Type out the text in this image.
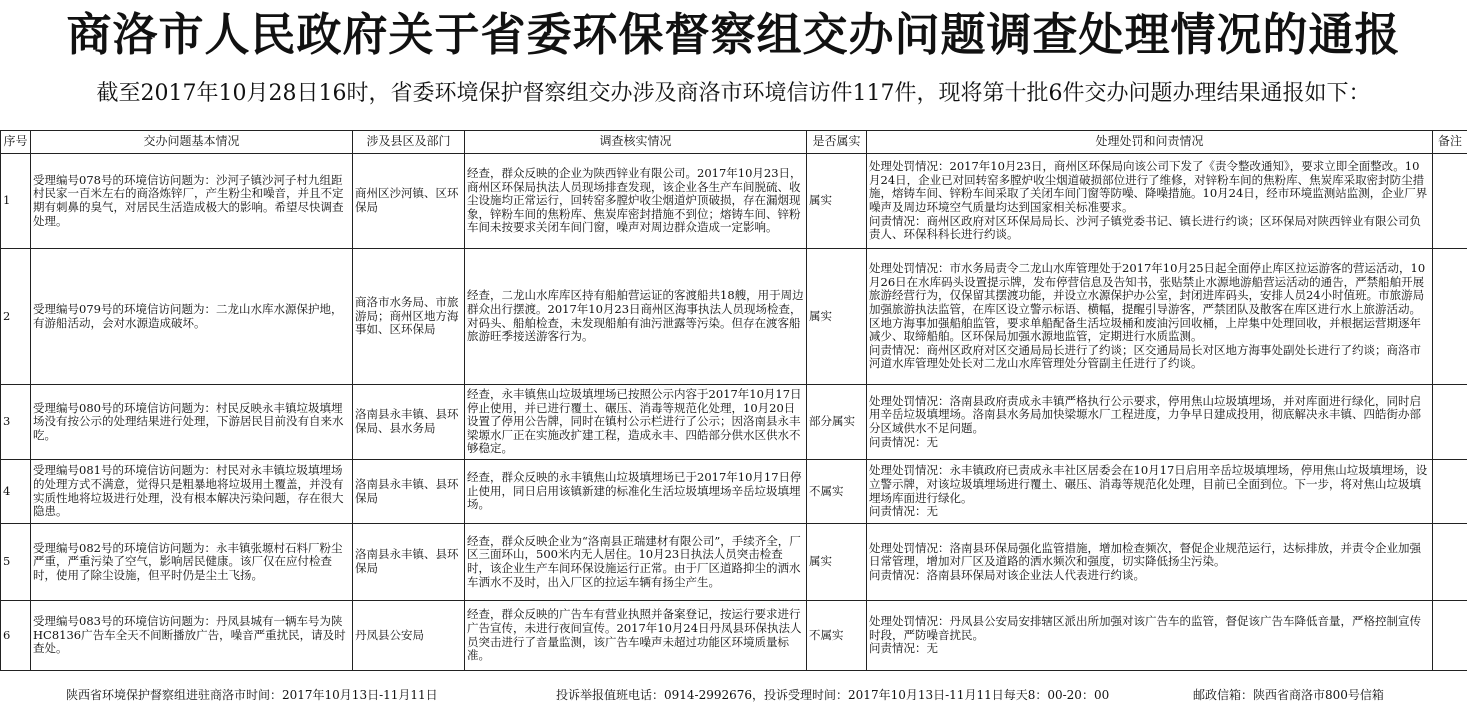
商洛市人民政府关于省委环保督察组交办问题调查处理情况的通报
截至2017年10月28日16时，省委环境保护督察组交办涉及商洛市环境信访件117件，现将第十批6件交办问题办理结果通报如下：
序号	交办问题基本情况	涉及县区及部门	调查核实情况	是否属实	处理处罚和问责情况	备注
1	受理编号078号的环境信访问题为：沙河子镇沙河子村九组距村民家一百米左右的商洛炼锌厂，产生粉尘和噪音，并且不定期有刺鼻的臭气，对居民生活造成极大的影响。希望尽快调查处理。	商州区沙河镇、区环保局	经查，群众反映的企业为陕西锌业有限公司。2017年10月23日，商州区环保局执法人员现场排查发现，该企业各生产车间脱硫、收尘设施均正常运行，回转窑多膛炉收尘烟道炉顶破损，存在漏烟现象，锌粉车间的焦粉库、焦炭库密封措施不到位；熔铸车间、锌粉车间未按要求关闭车间门窗，噪声对周边群众造成一定影响。	属实	处理处罚情况：2017年10月23日，商州区环保局向该公司下发了《责令整改通知》，要求立即全面整改。10月24日，企业已对回转窑多膛炉收尘烟道破损部位进行了维修，对锌粉车间的焦粉库、焦炭库采取密封防尘措施，熔铸车间、锌粉车间采取了关闭车间门窗等防噪、降噪措施。10月24日，经市环境监测站监测，企业厂界噪声及周边环境空气质量均达到国家相关标准要求。
问责情况：商州区政府对区环保局局长、沙河子镇党委书记、镇长进行约谈；区环保局对陕西锌业有限公司负责人、环保科科长进行约谈。	
2	受理编号079号的环境信访问题为：二龙山水库水源保护地，有游船活动，会对水源造成破坏。	商洛市水务局、市旅游局；商州区地方海事如、区环保局	经查，二龙山水库库区持有船舶营运证的客渡船共18艘，用于周边群众出行摆渡。2017年10月23日商州区海事执法人员现场检查，对码头、船舶检查，未发现船舶有油污泄露等污染。但存在渡客船旅游旺季接送游客行为。	属实	处理处罚情况：市水务局责令二龙山水库管理处于2017年10月25日起全面停止库区拉运游客的营运活动，10月26日在水库码头设置提示牌，发布停营信息及告知书，张贴禁止水源地游船营运活动的通告，严禁船舶开展旅游经营行为，仅保留其摆渡功能，并设立水源保护办公室，封闭进库码头，安排人员24小时值班。市旅游局加强旅游执法监管，在库区设立警示标语、横幅，提醒引导游客，严禁团队及散客在库区进行水上旅游活动。区地方海事加强船舶监管，要求单船配备生活垃圾桶和废油污回收桶，上岸集中处理回收，并根据运营期逐年减少、取缔船舶。区环保局加强水源地监管，定期进行水质监测。
问责情况：商州区政府对区交通局局长进行了约谈；区交通局局长对区地方海事处副处长进行了约谈；商洛市河道水库管理处处长对二龙山水库管理处分管副主任进行了约谈。	
3	受理编号080号的环境信访问题为：村民反映永丰镇垃圾填埋场没有按公示的处理结果进行处理，下游居民目前没有自来水吃。	洛南县永丰镇、县环保局、县水务局	经查，永丰镇焦山垃圾填埋场已按照公示内容于2017年10月17日停止使用，并已进行覆土、碾压、消毒等规范化处理，10月20日设置了停用公告牌，同时在镇村公示栏进行了公示；因洛南县永丰梁塬水厂正在实施改扩建工程，造成永丰、四皓部分供水区供水不够稳定。	部分属实	处理处罚情况：洛南县政府责成永丰镇严格执行公示要求，停用焦山垃圾填埋场，并对库面进行绿化，同时启用辛岳垃圾填埋场。洛南县水务局加快梁塬水厂工程进度，力争早日建成投用，彻底解决永丰镇、四皓街办部分区域供水不足问题。
问责情况：无	
4	受理编号081号的环境信访问题为：村民对永丰镇垃圾填埋场的处理方式不满意，觉得只是粗暴地将垃圾用土覆盖，并没有实质性地将垃圾进行处理，没有根本解决污染问题，存在很大隐患。	洛南县永丰镇、县环保局	经查，群众反映的永丰镇焦山垃圾填埋场已于2017年10月17日停止使用，同日启用该镇新建的标准化生活垃圾填埋场辛岳垃圾填埋场。	不属实	处理处罚情况：永丰镇政府已责成永丰社区居委会在10月17日启用辛岳垃圾填埋场，停用焦山垃圾填埋场，设立警示牌，对该垃圾填埋场进行覆土、碾压、消毒等规范化处理，目前已全面到位。下一步，将对焦山垃圾填埋场库面进行绿化。
问责情况：无	
5	受理编号082号的环境信访问题为：永丰镇张塬村石料厂粉尘严重，严重污染了空气，影响居民健康。该厂仅在应付检查时，使用了除尘设施，但平时仍是尘土飞扬。	洛南县永丰镇、县环保局	经查，群众反映企业为“洛南县正瑞建材有限公司”，手续齐全，厂区三面环山，500米内无人居住。10月23日执法人员突击检查时，该企业生产车间环保设施运行正常。由于厂区道路抑尘的洒水车洒水不及时，出入厂区的拉运车辆有扬尘产生。	属实	处理处罚情况：洛南县环保局强化监管措施，增加检查频次，督促企业规范运行，达标排放，并责令企业加强日常管理，增加对厂区及道路的洒水频次和强度，切实降低扬尘污染。
问责情况：洛南县环保局对该企业法人代表进行约谈。	
6	受理编号083号的环境信访问题为：丹凤县城有一辆车号为陕HC8136广告车全天不间断播放广告，噪音严重扰民，请及时查处。	丹凤县公安局	经查，群众反映的广告车有营业执照并备案登记，按运行要求进行广告宣传，未进行夜间宣传。2017年10月24日丹凤县环保执法人员突击进行了音量监测，该广告车噪声未超过功能区环境质量标准。	不属实	处理处罚情况：丹凤县公安局安排辖区派出所加强对该广告车的监管，督促该广告车降低音量，严格控制宣传时段，严防噪音扰民。
问责情况：无	
陕西省环境保护督察组进驻商洛市时间：2017年10月13日-11月11日	投诉举报值班电话：0914-2992676，投诉受理时间：2017年10月13日-11月11日每天8：00-20：00	邮政信箱：陕西省商洛市800号信箱
